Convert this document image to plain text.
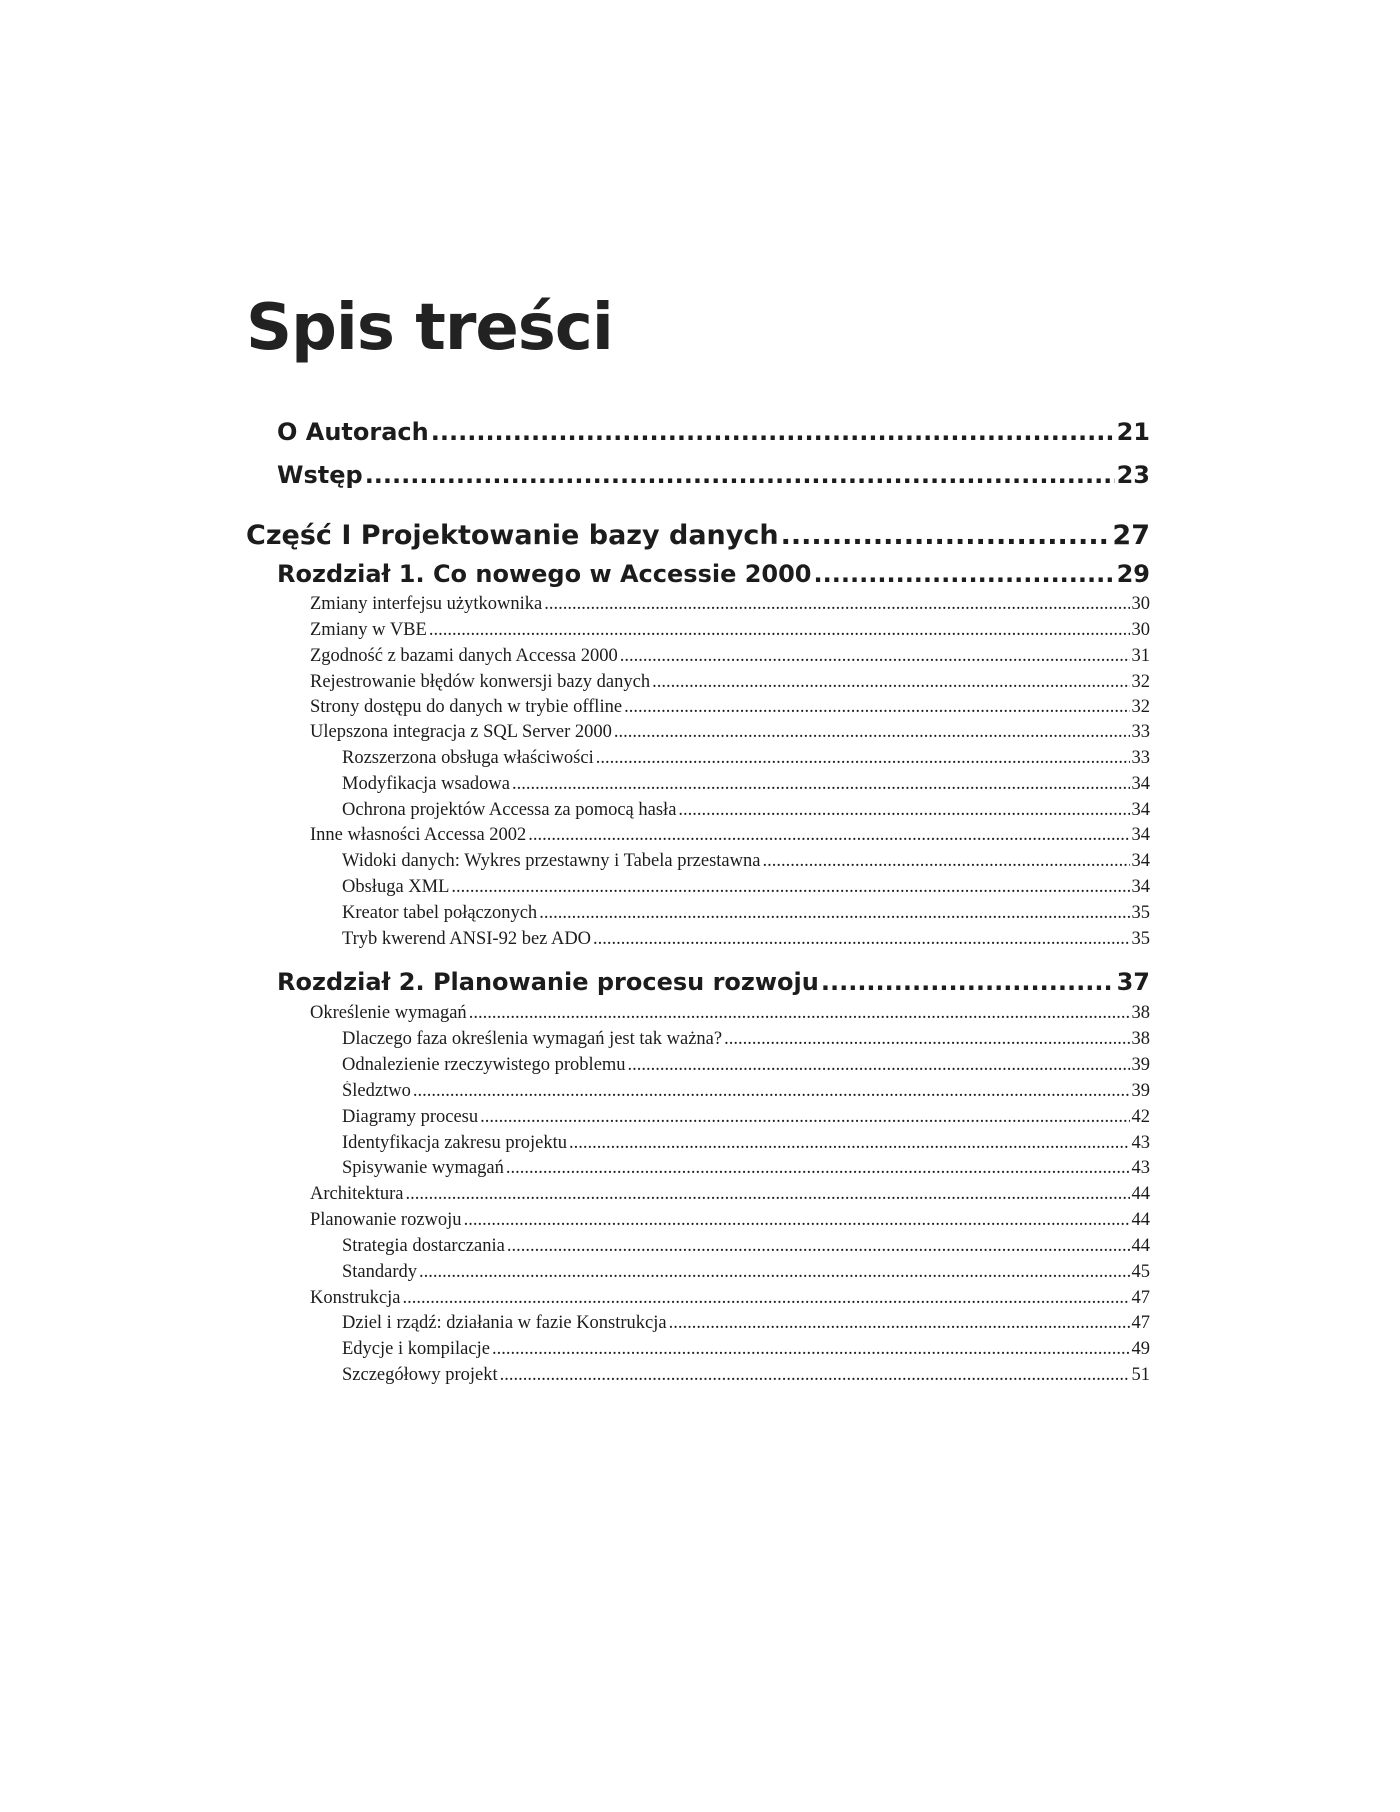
Spis treści
O Autorach .....	21
Wstęp .....	23
Część I Projektowanie bazy danych .....	27
Rozdział 1. Co nowego w Accessie 2000 .....	29
Zmiany interfejsu użytkownika .....	30
Zmiany w VBE .....	30
Zgodność z bazami danych Accessa 2000 .....	31
Rejestrowanie błędów konwersji bazy danych .....	32
Strony dostępu do danych w trybie offline .....	32
Ulepszona integracja z SQL Server 2000 .....	33
Rozszerzona obsługa właściwości .....	33
Modyfikacja wsadowa .....	34
Ochrona projektów Accessa za pomocą hasła .....	34
Inne własności Accessa 2002 .....	34
Widoki danych: Wykres przestawny i Tabela przestawna .....	34
Obsługa XML .....	34
Kreator tabel połączonych .....	35
Tryb kwerend ANSI-92 bez ADO .....	35
Rozdział 2. Planowanie procesu rozwoju .....	37
Określenie wymagań .....	38
Dlaczego faza określenia wymagań jest tak ważna? .....	38
Odnalezienie rzeczywistego problemu .....	39
Śledztwo .....	39
Diagramy procesu .....	42
Identyfikacja zakresu projektu .....	43
Spisywanie wymagań .....	43
Architektura .....	44
Planowanie rozwoju .....	44
Strategia dostarczania .....	44
Standardy .....	45
Konstrukcja .....	47
Dziel i rządź: działania w fazie Konstrukcja .....	47
Edycje i kompilacje .....	49
Szczegółowy projekt .....	51
